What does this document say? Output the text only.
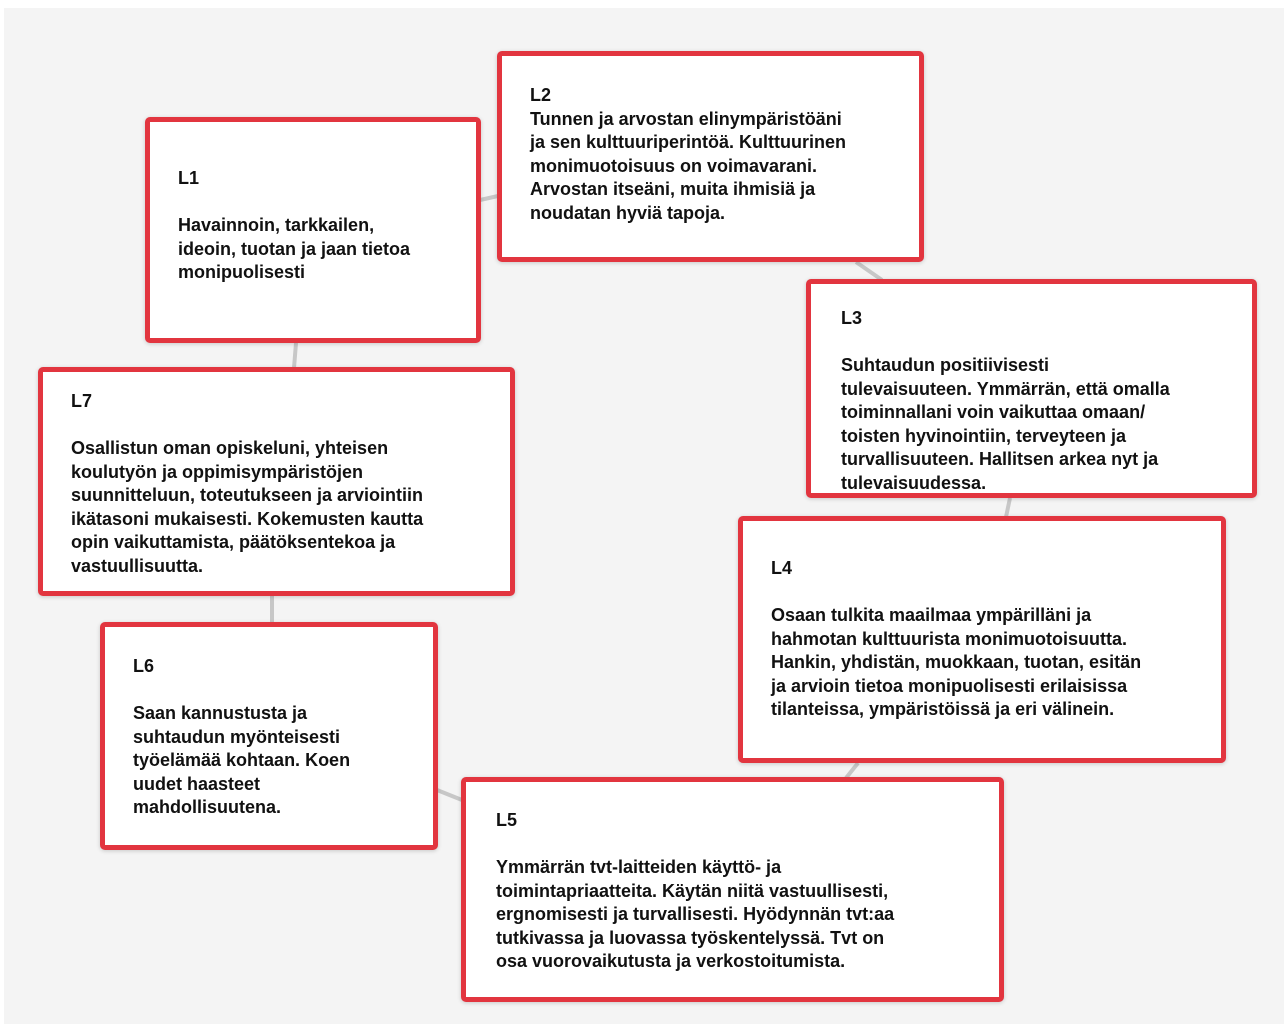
L1
Havainnoin, tarkkailen,
ideoin, tuotan ja jaan tietoa
monipuolisesti
L2
Tunnen ja arvostan elinympäristöäni
ja sen kulttuuriperintöä. Kulttuurinen
monimuotoisuus on voimavarani.
Arvostan itseäni, muita ihmisiä ja
noudatan hyviä tapoja.
L3
Suhtaudun positiivisesti
tulevaisuuteen. Ymmärrän, että omalla
toiminnallani voin vaikuttaa omaan/
toisten hyvinointiin, terveyteen ja
turvallisuuteen. Hallitsen arkea nyt ja
tulevaisuudessa.
L4
Osaan tulkita maailmaa ympärilläni ja
hahmotan kulttuurista monimuotoisuutta.
Hankin, yhdistän, muokkaan, tuotan, esitän
ja arvioin tietoa monipuolisesti erilaisissa
tilanteissa, ympäristöissä ja eri välinein.
L5
Ymmärrän tvt-laitteiden käyttö- ja
toimintapriaatteita. Käytän niitä vastuullisesti,
ergnomisesti ja turvallisesti. Hyödynnän tvt:aa
tutkivassa ja luovassa työskentelyssä. Tvt on
osa vuorovaikutusta ja verkostoitumista.
L6
Saan kannustusta ja
suhtaudun myönteisesti
työelämää kohtaan. Koen
uudet haasteet
mahdollisuutena.
L7
Osallistun oman opiskeluni, yhteisen
koulutyön ja oppimisympäristöjen
suunnitteluun, toteutukseen ja arviointiin
ikätasoni mukaisesti. Kokemusten kautta
opin vaikuttamista, päätöksentekoa ja
vastuullisuutta.
